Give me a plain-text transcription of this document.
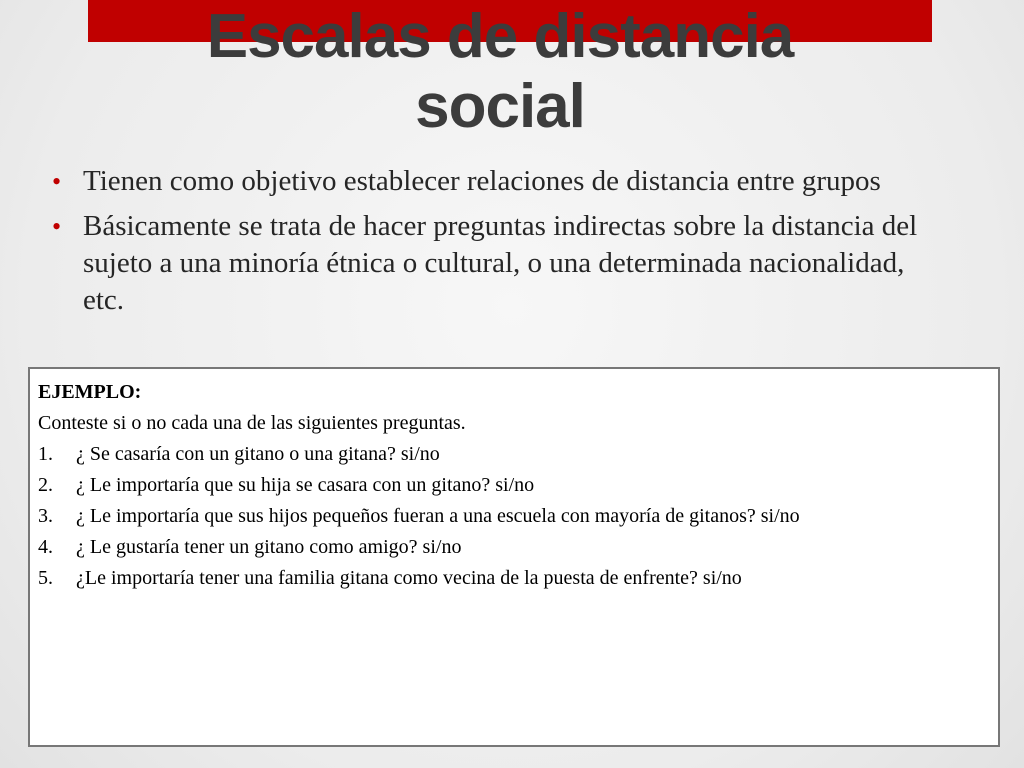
Escalas de distancia
social
• Tienen como objetivo establecer relaciones de distancia entre grupos
• Básicamente se trata de hacer preguntas indirectas sobre la distancia del sujeto a una minoría étnica o cultural, o una determinada nacionalidad, etc.
EJEMPLO:
Conteste si o no cada una de las siguientes preguntas.
1. ¿ Se casaría con un gitano o una gitana? si/no
2. ¿ Le importaría que su hija se casara con un gitano? si/no
3. ¿ Le importaría que sus hijos pequeños fueran a una escuela con mayoría de gitanos? si/no
4. ¿ Le gustaría tener un gitano como amigo? si/no
5. ¿Le importaría tener una familia gitana como vecina de la puesta de enfrente? si/no
